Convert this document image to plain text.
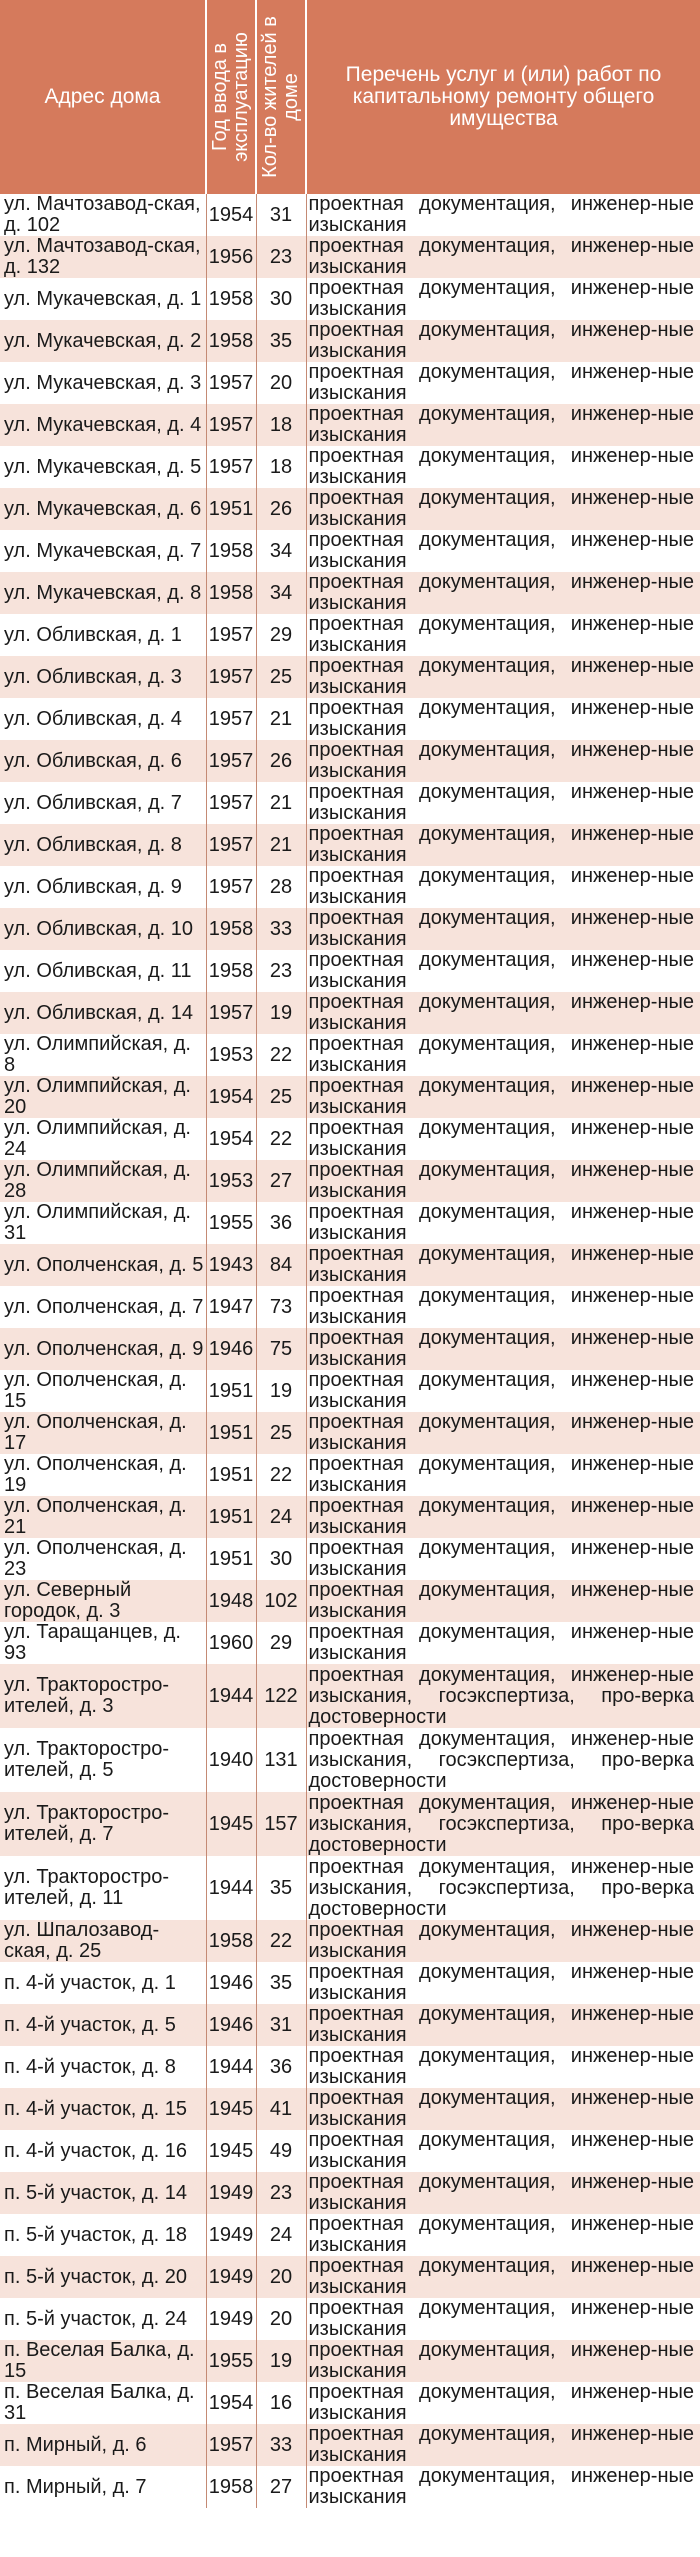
Адрес дома	Год ввода в эксплуатацию	Кол-во жителей в доме	Перечень услуг и (или) работ по капитальному ремонту общего имущества
ул. Мачтозавод-ская, д. 102	1954	31	проектная документация, инженер-ные изыскания
ул. Мачтозавод-ская, д. 132	1956	23	проектная документация, инженер-ные изыскания
ул. Мукачевская, д. 1	1958	30	проектная документация, инженер-ные изыскания
ул. Мукачевская, д. 2	1958	35	проектная документация, инженер-ные изыскания
ул. Мукачевская, д. 3	1957	20	проектная документация, инженер-ные изыскания
ул. Мукачевская, д. 4	1957	18	проектная документация, инженер-ные изыскания
ул. Мукачевская, д. 5	1957	18	проектная документация, инженер-ные изыскания
ул. Мукачевская, д. 6	1951	26	проектная документация, инженер-ные изыскания
ул. Мукачевская, д. 7	1958	34	проектная документация, инженер-ные изыскания
ул. Мукачевская, д. 8	1958	34	проектная документация, инженер-ные изыскания
ул. Обливская, д. 1	1957	29	проектная документация, инженер-ные изыскания
ул. Обливская, д. 3	1957	25	проектная документация, инженер-ные изыскания
ул. Обливская, д. 4	1957	21	проектная документация, инженер-ные изыскания
ул. Обливская, д. 6	1957	26	проектная документация, инженер-ные изыскания
ул. Обливская, д. 7	1957	21	проектная документация, инженер-ные изыскания
ул. Обливская, д. 8	1957	21	проектная документация, инженер-ные изыскания
ул. Обливская, д. 9	1957	28	проектная документация, инженер-ные изыскания
ул. Обливская, д. 10	1958	33	проектная документация, инженер-ные изыскания
ул. Обливская, д. 11	1958	23	проектная документация, инженер-ные изыскания
ул. Обливская, д. 14	1957	19	проектная документация, инженер-ные изыскания
ул. Олимпийская, д. 8	1953	22	проектная документация, инженер-ные изыскания
ул. Олимпийская, д. 20	1954	25	проектная документация, инженер-ные изыскания
ул. Олимпийская, д. 24	1954	22	проектная документация, инженер-ные изыскания
ул. Олимпийская, д. 28	1953	27	проектная документация, инженер-ные изыскания
ул. Олимпийская, д. 31	1955	36	проектная документация, инженер-ные изыскания
ул. Ополченская, д. 5	1943	84	проектная документация, инженер-ные изыскания
ул. Ополченская, д. 7	1947	73	проектная документация, инженер-ные изыскания
ул. Ополченская, д. 9	1946	75	проектная документация, инженер-ные изыскания
ул. Ополченская, д. 15	1951	19	проектная документация, инженер-ные изыскания
ул. Ополченская, д. 17	1951	25	проектная документация, инженер-ные изыскания
ул. Ополченская, д. 19	1951	22	проектная документация, инженер-ные изыскания
ул. Ополченская, д. 21	1951	24	проектная документация, инженер-ные изыскания
ул. Ополченская, д. 23	1951	30	проектная документация, инженер-ные изыскания
ул. Северный городок, д. 3	1948	102	проектная документация, инженер-ные изыскания
ул. Таращанцев, д. 93	1960	29	проектная документация, инженер-ные изыскания
ул. Тракторостро-ителей, д. 3	1944	122	проектная документация, инженер-ные изыскания, госэкспертиза, про-верка достоверности
ул. Тракторостро-ителей, д. 5	1940	131	проектная документация, инженер-ные изыскания, госэкспертиза, про-верка достоверности
ул. Тракторостро-ителей, д. 7	1945	157	проектная документация, инженер-ные изыскания, госэкспертиза, про-верка достоверности
ул. Тракторостро-ителей, д. 11	1944	35	проектная документация, инженер-ные изыскания, госэкспертиза, про-верка достоверности
ул. Шпалозавод-ская, д. 25	1958	22	проектная документация, инженер-ные изыскания
п. 4-й участок, д. 1	1946	35	проектная документация, инженер-ные изыскания
п. 4-й участок, д. 5	1946	31	проектная документация, инженер-ные изыскания
п. 4-й участок, д. 8	1944	36	проектная документация, инженер-ные изыскания
п. 4-й участок, д. 15	1945	41	проектная документация, инженер-ные изыскания
п. 4-й участок, д. 16	1945	49	проектная документация, инженер-ные изыскания
п. 5-й участок, д. 14	1949	23	проектная документация, инженер-ные изыскания
п. 5-й участок, д. 18	1949	24	проектная документация, инженер-ные изыскания
п. 5-й участок, д. 20	1949	20	проектная документация, инженер-ные изыскания
п. 5-й участок, д. 24	1949	20	проектная документация, инженер-ные изыскания
п. Веселая Балка, д. 15	1955	19	проектная документация, инженер-ные изыскания
п. Веселая Балка, д. 31	1954	16	проектная документация, инженер-ные изыскания
п. Мирный, д. 6	1957	33	проектная документация, инженер-ные изыскания
п. Мирный, д. 7	1958	27	проектная документация, инженер-ные изыскания
